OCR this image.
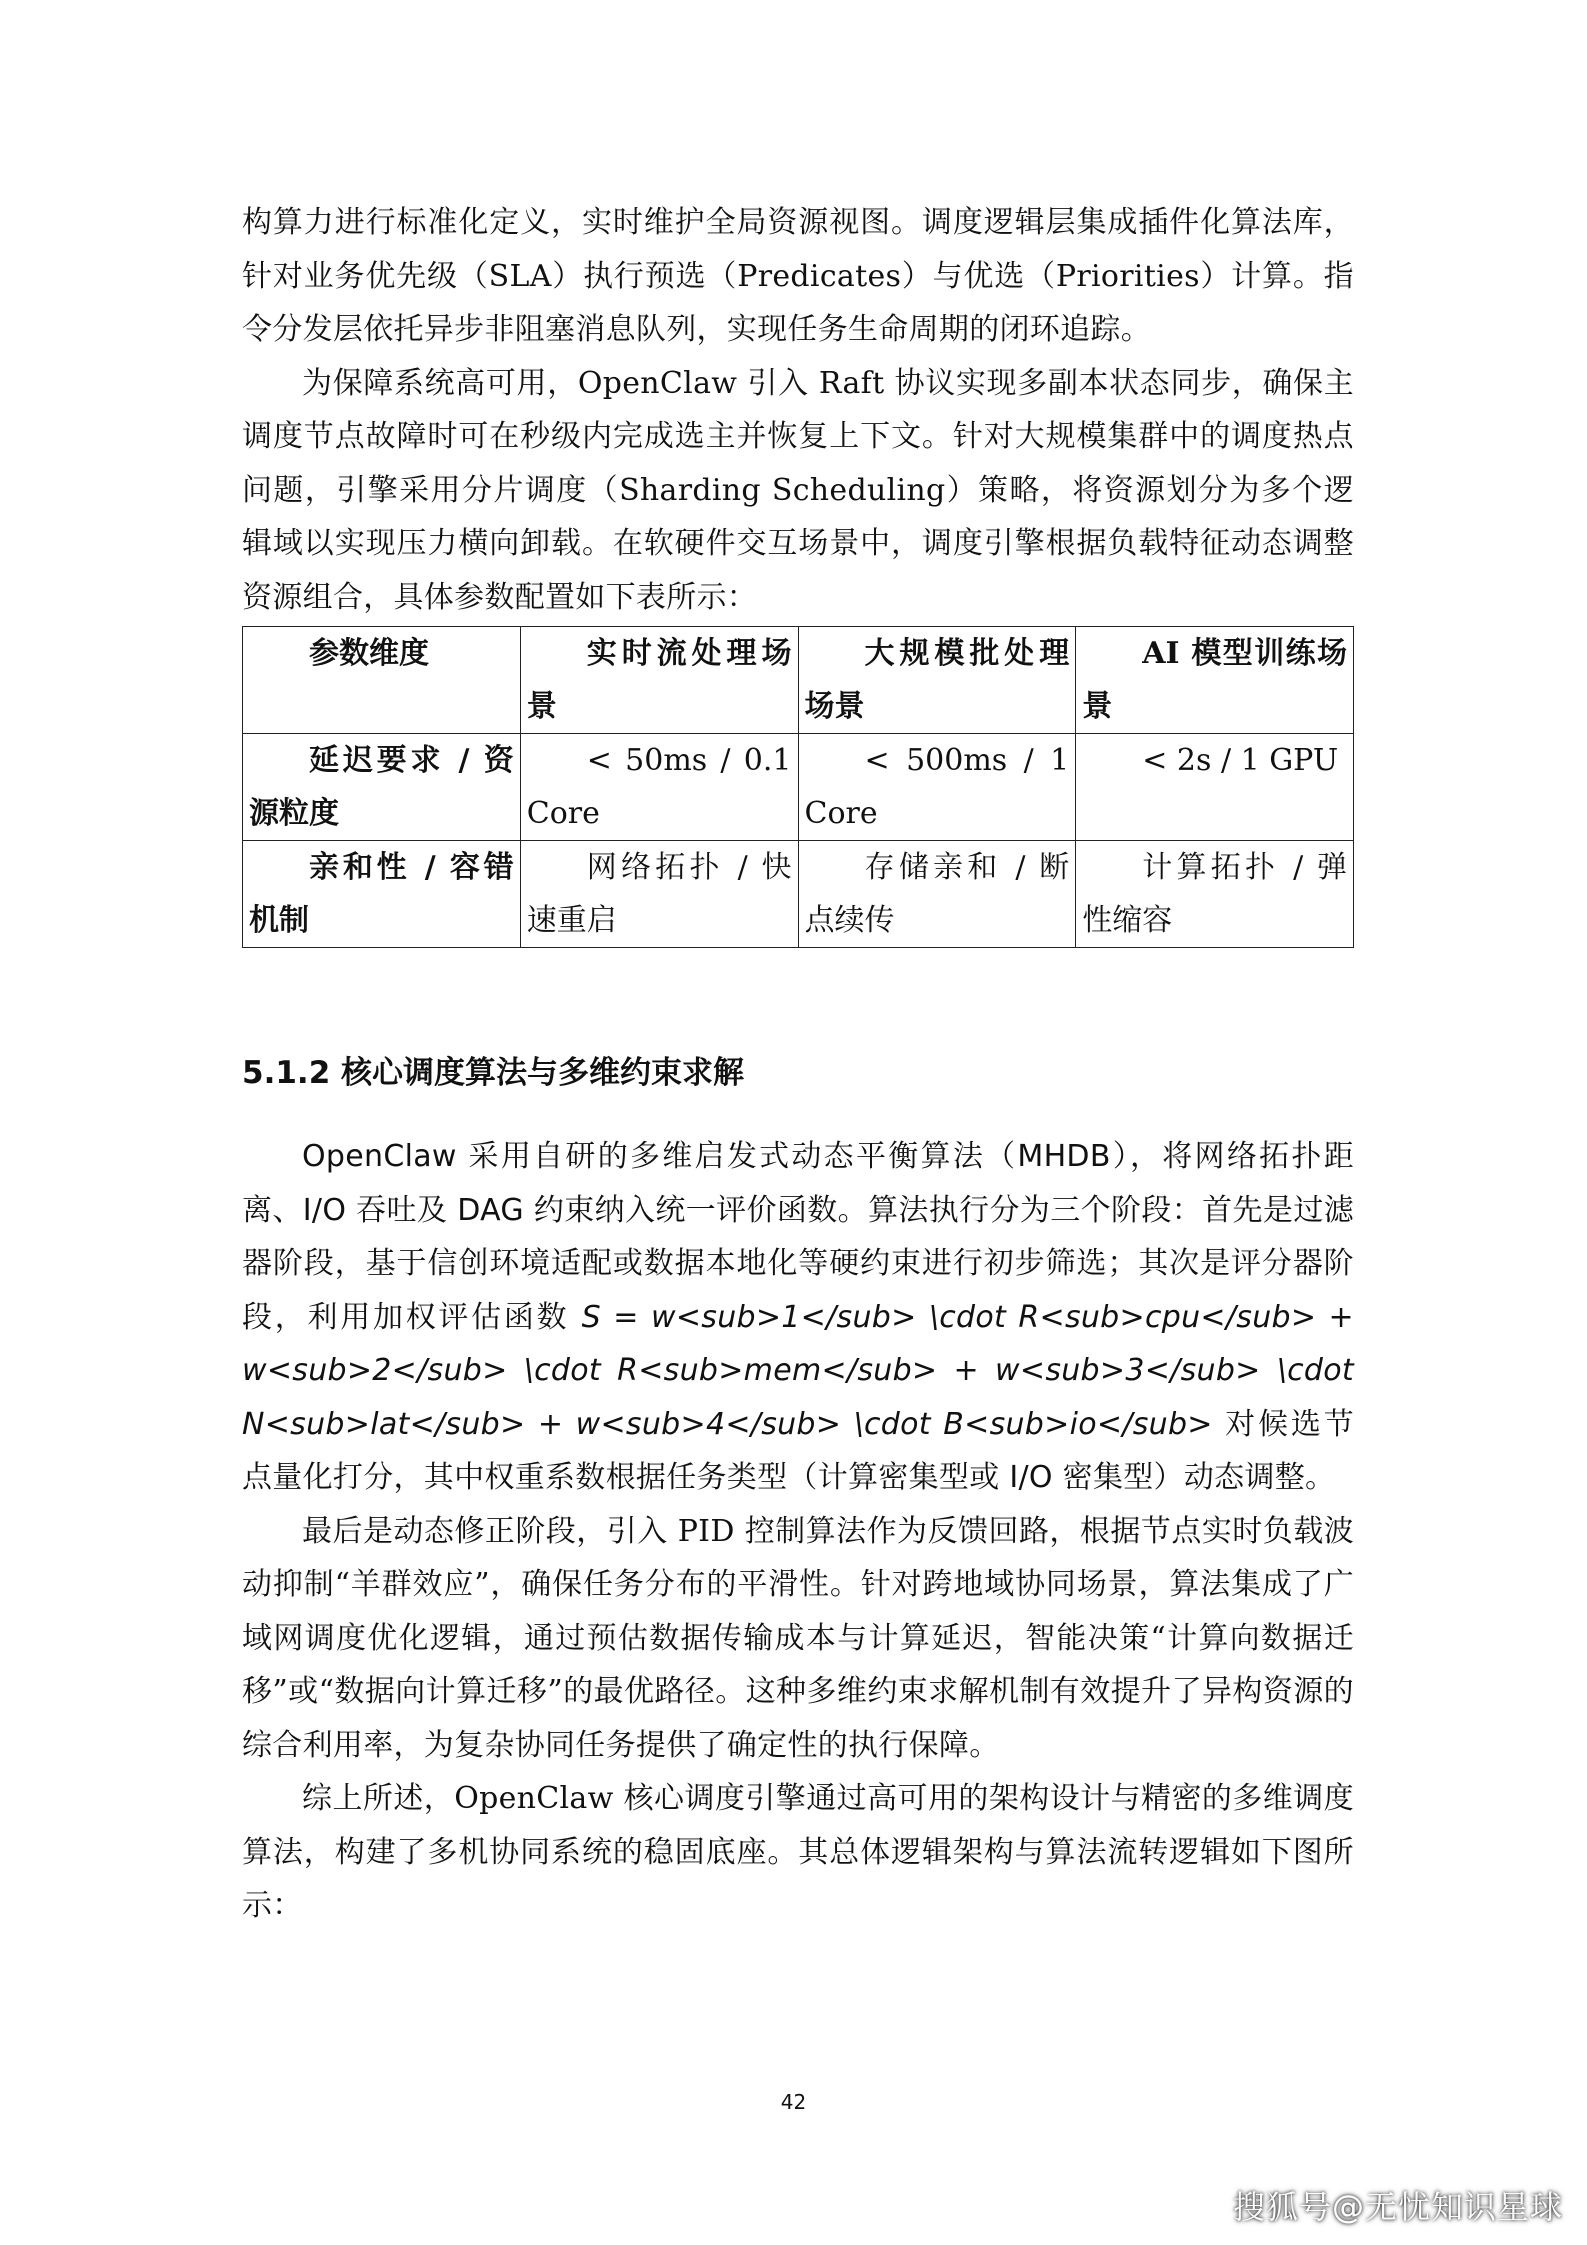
构算力进行标准化定义，实时维护全局资源视图。调度逻辑层集成插件化算法库，针对业务优先级（SLA）执行预选（Predicates）与优选（Priorities）计算。指令分发层依托异步非阻塞消息队列，实现任务生命周期的闭环追踪。

为保障系统高可用，OpenClaw 引入 Raft 协议实现多副本状态同步，确保主调度节点故障时可在秒级内完成选主并恢复上下文。针对大规模集群中的调度热点问题，引擎采用分片调度（Sharding Scheduling）策略，将资源划分为多个逻辑域以实现压力横向卸载。在软硬件交互场景中，调度引擎根据负载特征动态调整资源组合，具体参数配置如下表所示：

参数维度	实时流处理场景	大规模批处理场景	AI 模型训练场景
延迟要求 / 资源粒度	< 50ms / 0.1 Core	< 500ms / 1 Core	< 2s / 1 GPU
亲和性 / 容错机制	网络拓扑 / 快速重启	存储亲和 / 断点续传	计算拓扑 / 弹性缩容
5.1.2 核心调度算法与多维约束求解

OpenClaw 采用自研的多维启发式动态平衡算法（MHDB），将网络拓扑距离、I/O 吞吐及 DAG 约束纳入统一评价函数。算法执行分为三个阶段：首先是过滤器阶段，基于信创环境适配或数据本地化等硬约束进行初步筛选；其次是评分器阶段，利用加权评估函数 S = w<sub>1</sub> \cdot R<sub>cpu</sub> + w<sub>2</sub> \cdot R<sub>mem</sub> + w<sub>3</sub> \cdot N<sub>lat</sub> + w<sub>4</sub> \cdot B<sub>io</sub> 对候选节点量化打分，其中权重系数根据任务类型（计算密集型或 I/O 密集型）动态调整。

最后是动态修正阶段，引入 PID 控制算法作为反馈回路，根据节点实时负载波动抑制“羊群效应”，确保任务分布的平滑性。针对跨地域协同场景，算法集成了广域网调度优化逻辑，通过预估数据传输成本与计算延迟，智能决策“计算向数据迁移”或“数据向计算迁移”的最优路径。这种多维约束求解机制有效提升了异构资源的综合利用率，为复杂协同任务提供了确定性的执行保障。

综上所述，OpenClaw 核心调度引擎通过高可用的架构设计与精密的多维调度算法，构建了多机协同系统的稳固底座。其总体逻辑架构与算法流转逻辑如下图所示：

42
搜狐号@无忧知识星球
